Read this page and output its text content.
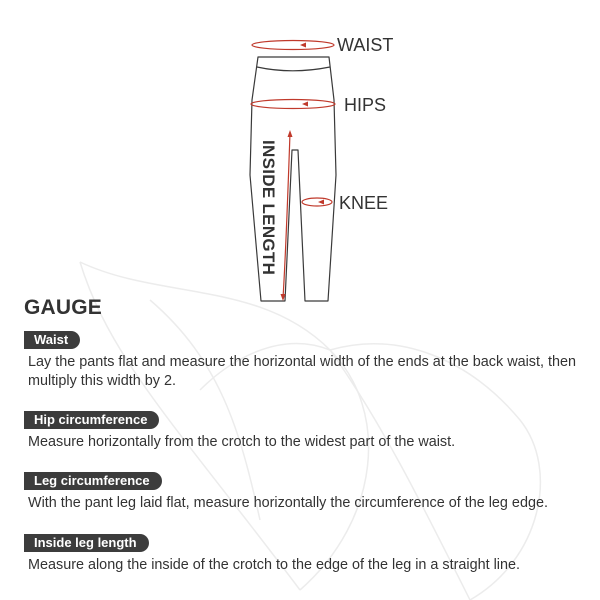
WAIST
HIPS
KNEE
INSIDE LENGTH
GAUGE
Waist
Lay the pants flat and measure the horizontal width of the ends at the back waist, then multiply this width by 2.
Hip circumference
Measure horizontally from the crotch to the widest part of the waist.
Leg circumference
With the pant leg laid flat, measure horizontally the circumference of the leg edge.
Inside leg length
Measure along the inside of the crotch to the edge of the leg in a straight line.
